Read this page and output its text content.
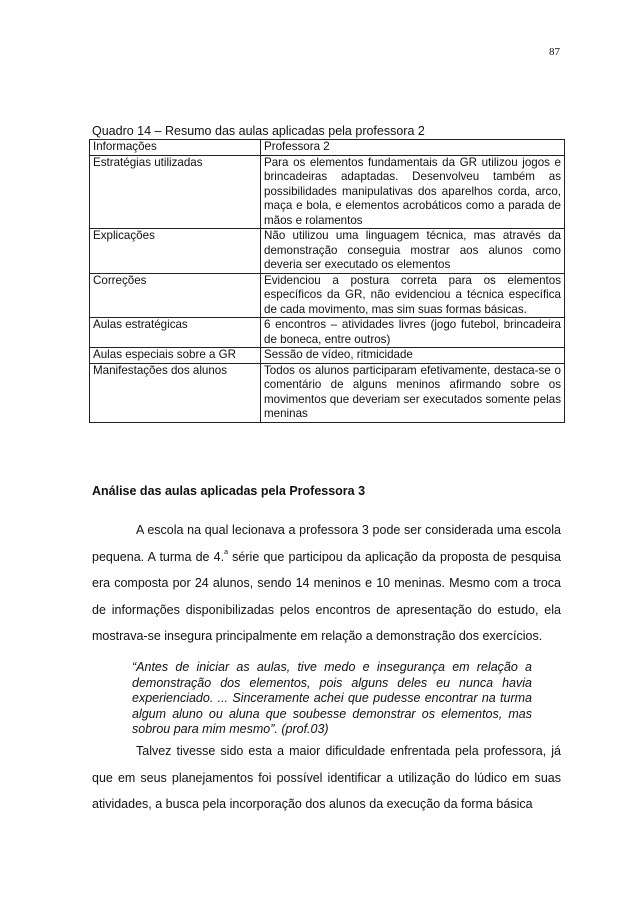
87
Quadro 14 – Resumo das aulas aplicadas pela professora 2
Informações	Professora 2
Estratégias utilizadas	Para os elementos fundamentais da GR utilizou jogos e brincadeiras adaptadas. Desenvolveu também as possibilidades manipulativas dos aparelhos corda, arco, maça e bola, e elementos acrobáticos como a parada de mãos e rolamentos
Explicações	Não utilizou uma linguagem técnica, mas através da demonstração conseguia mostrar aos alunos como deveria ser executado os elementos
Correções	Evidenciou a postura correta para os elementos específicos da GR, não evidenciou a técnica específica de cada movimento, mas sim suas formas básicas.
Aulas estratégicas	6 encontros – atividades livres (jogo futebol, brincadeira de boneca, entre outros)
Aulas especiais sobre a GR	Sessão de vídeo, ritmicidade
Manifestações dos alunos	Todos os alunos participaram efetivamente, destaca-se o comentário de alguns meninos afirmando sobre os movimentos que deveriam ser executados somente pelas meninas
Análise das aulas aplicadas pela Professora 3
A escola na qual lecionava a professora 3 pode ser considerada uma escola pequena. A turma de 4.$^a$ série que participou da aplicação da proposta de pesquisa era composta por 24 alunos, sendo 14 meninos e 10 meninas. Mesmo com a troca de informações disponibilizadas pelos encontros de apresentação do estudo, ela mostrava-se insegura principalmente em relação a demonstração dos exercícios.
“Antes de iniciar as aulas, tive medo e insegurança em relação a demonstração dos elementos, pois alguns deles eu nunca havia experienciado. ... Sinceramente achei que pudesse encontrar na turma algum aluno ou aluna que soubesse demonstrar os elementos, mas sobrou para mim mesmo”. (prof.03)
Talvez tivesse sido esta a maior dificuldade enfrentada pela professora, já que em seus planejamentos foi possível identificar a utilização do lúdico em suas atividades, a busca pela incorporação dos alunos da execução da forma básica
